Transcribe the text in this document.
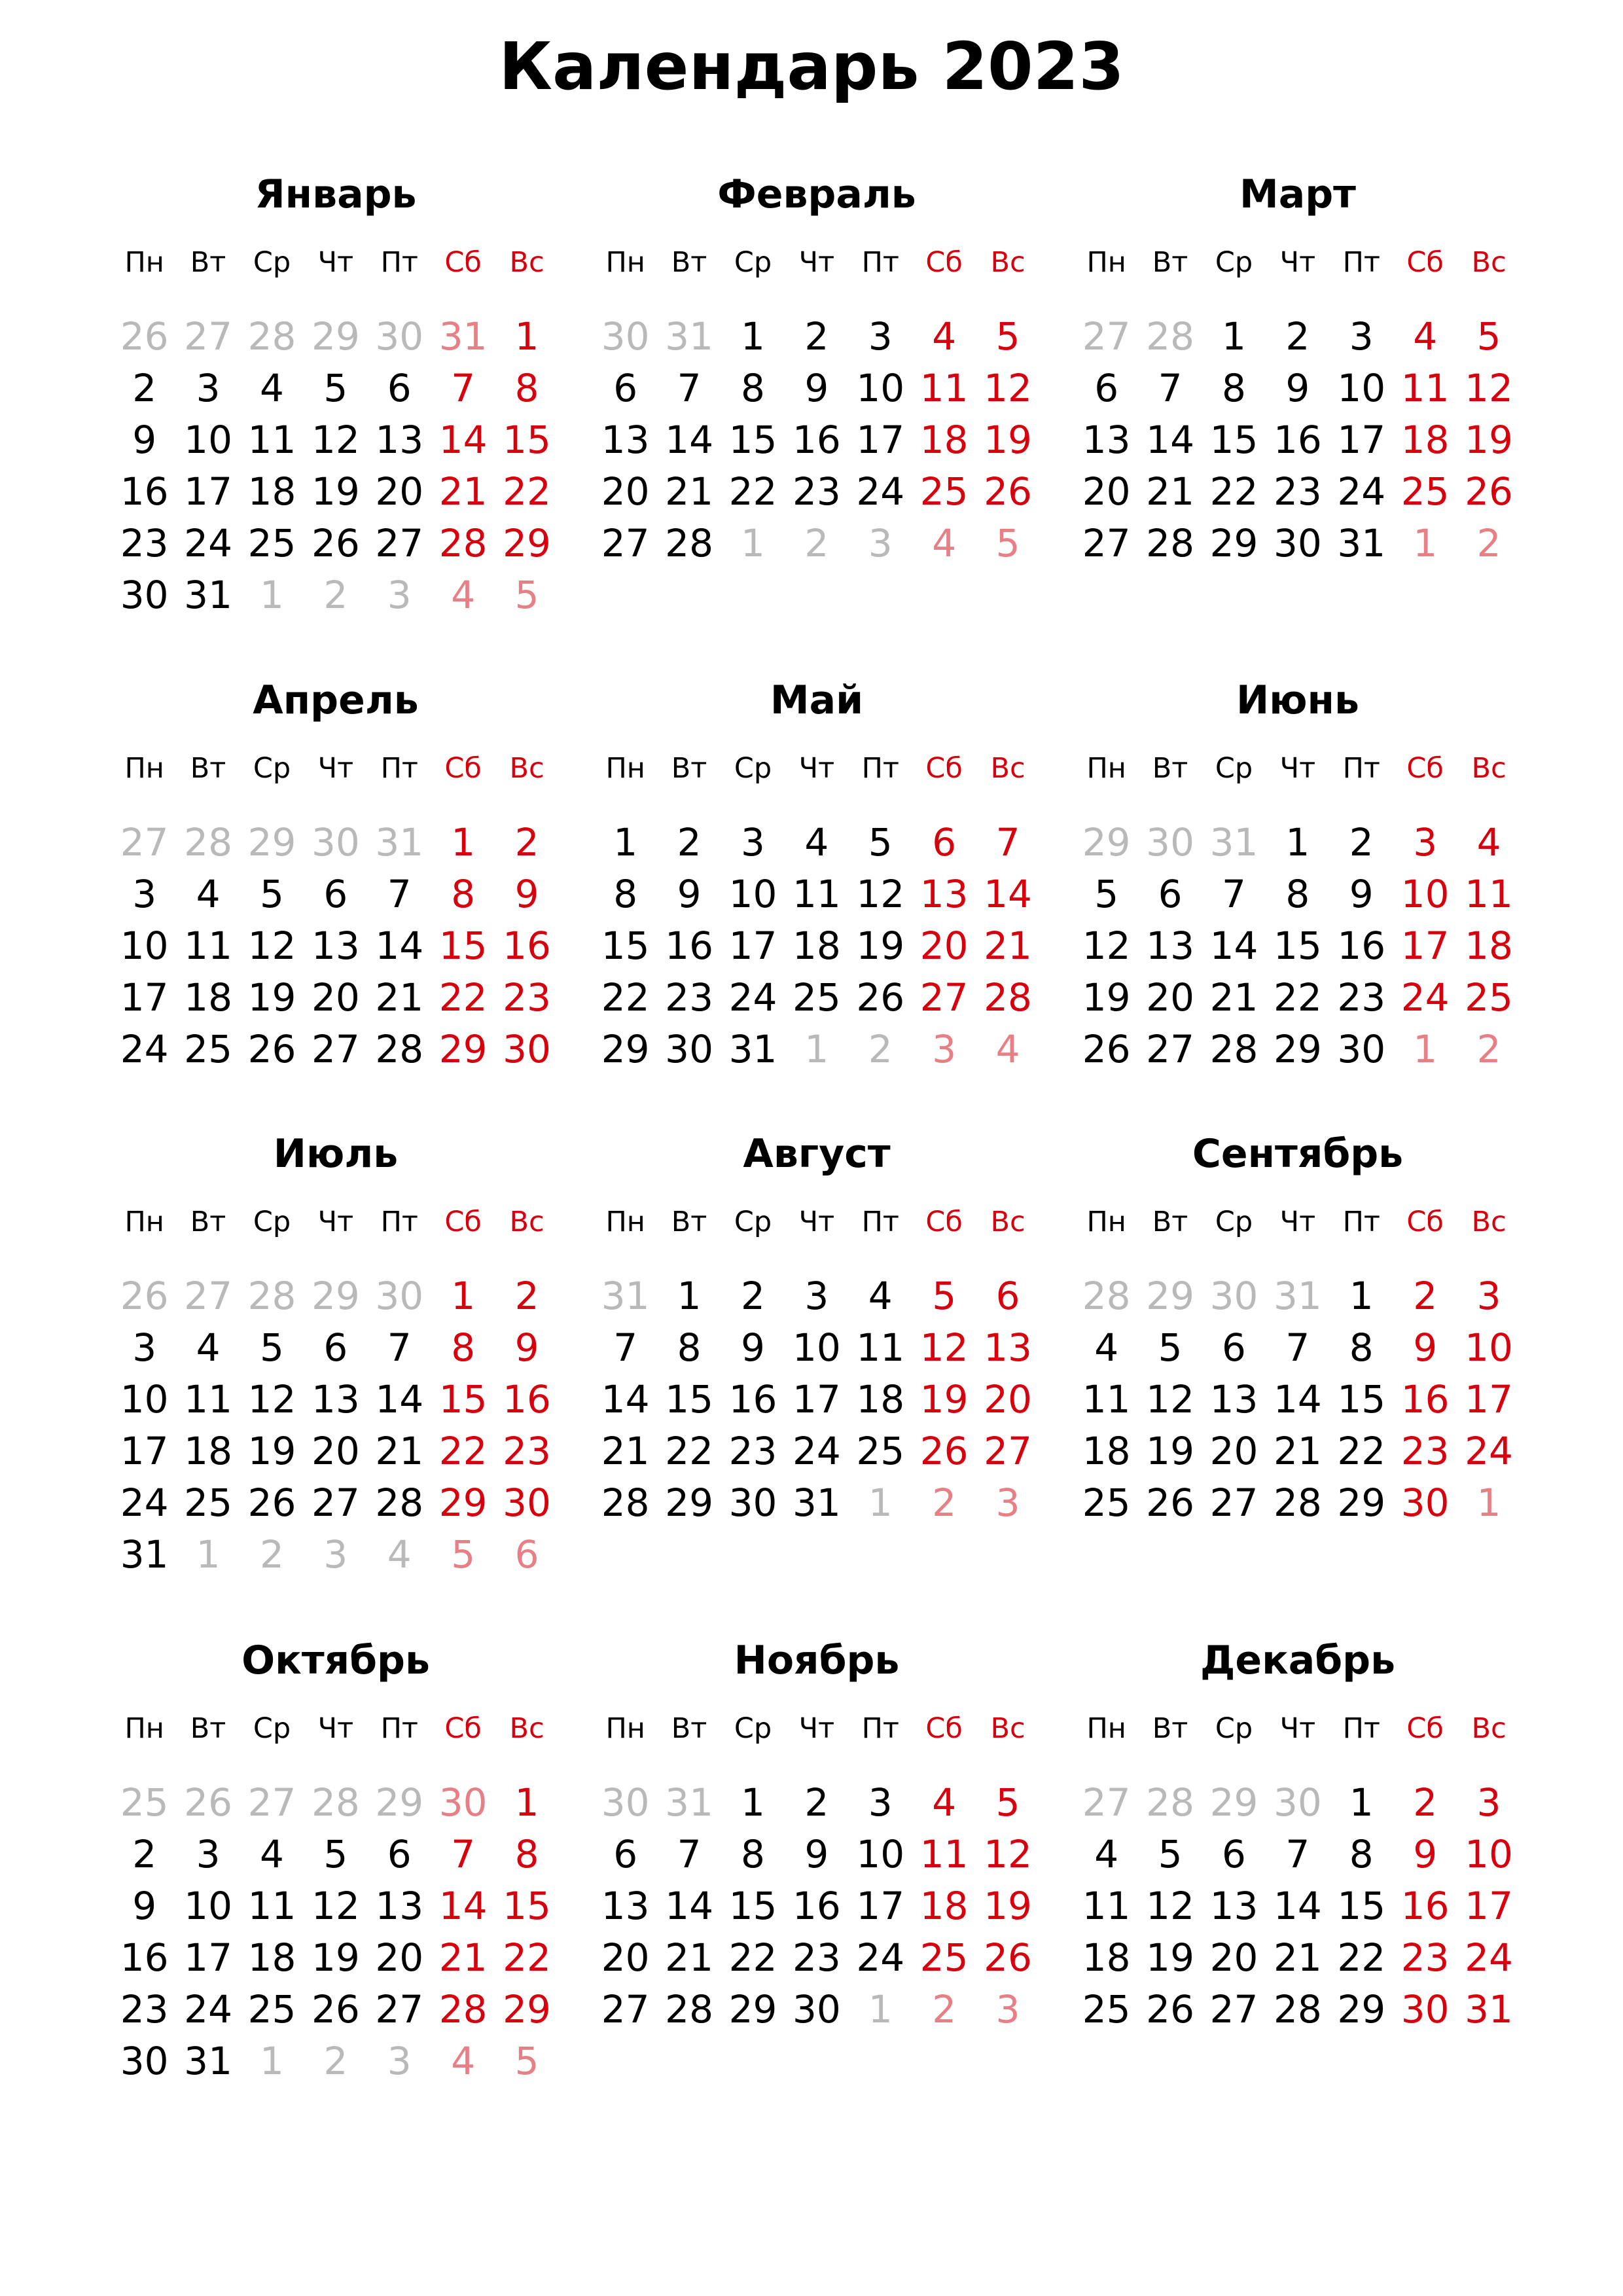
Календарь 2023
Январь
Пн Вт Ср Чт Пт Сб Вс
26 27 28 29 30 31 1
2	3	4	5	6	7	8
9 10 11 12 13 14 15
16 17 18 19 20 21 22
23 24 25 26 27 28 29
30 31 1	2	3	4	5
Февраль
Пн Вт Ср Чт Пт Сб Вс
30 31 1	2	3	4	5
6	7	8	9 10 11 12
13 14 15 16 17 18 19
20 21 22 23 24 25 26
27 28 1	2	3	4	5
Март
Пн Вт Ср Чт Пт Сб Вс
27 28 1	2	3	4	5
6	7	8	9 10 11 12
13 14 15 16 17 18 19
20 21 22 23 24 25 26
27 28 29 30 31 1	2
Апрель
Пн Вт Ср Чт Пт Сб Вс
27 28 29 30 31 1	2
3	4	5	6	7	8	9
10 11 12 13 14 15 16
17 18 19 20 21 22 23
24 25 26 27 28 29 30
Май
Пн Вт Ср Чт Пт Сб Вс
1	2	3	4	5	6	7
8	9 10 11 12 13 14
15 16 17 18 19 20 21
22 23 24 25 26 27 28
29 30 31 1	2	3	4
Июнь
Пн Вт Ср Чт Пт Сб Вс
29 30 31 1	2	3	4
5	6	7	8	9 10 11
12 13 14 15 16 17 18
19 20 21 22 23 24 25
26 27 28 29 30 1	2
Июль
Пн Вт Ср Чт Пт Сб Вс
26 27 28 29 30 1	2
3	4	5	6	7	8	9
10 11 12 13 14 15 16
17 18 19 20 21 22 23
24 25 26 27 28 29 30
31 1	2	3	4	5	6
Август
Пн Вт Ср Чт Пт Сб Вс
31 1	2	3	4	5	6
7	8	9 10 11 12 13
14 15 16 17 18 19 20
21 22 23 24 25 26 27
28 29 30 31 1	2	3
Сентябрь
Пн Вт Ср Чт Пт Сб Вс
28 29 30 31 1	2	3
4	5	6	7	8	9 10
11 12 13 14 15 16 17
18 19 20 21 22 23 24
25 26 27 28 29 30 1
Октябрь
Пн Вт Ср Чт Пт Сб Вс
25 26 27 28 29 30 1
2	3	4	5	6	7	8
9 10 11 12 13 14 15
16 17 18 19 20 21 22
23 24 25 26 27 28 29
30 31 1	2	3	4	5
Ноябрь
Пн Вт Ср Чт Пт Сб Вс
30 31 1	2	3	4	5
6	7	8	9 10 11 12
13 14 15 16 17 18 19
20 21 22 23 24 25 26
27 28 29 30 1	2	3
Декабрь
Пн Вт Ср Чт Пт Сб Вс
27 28 29 30 1	2	3
4	5	6	7	8	9 10
11 12 13 14 15 16 17
18 19 20 21 22 23 24
25 26 27 28 29 30 31
